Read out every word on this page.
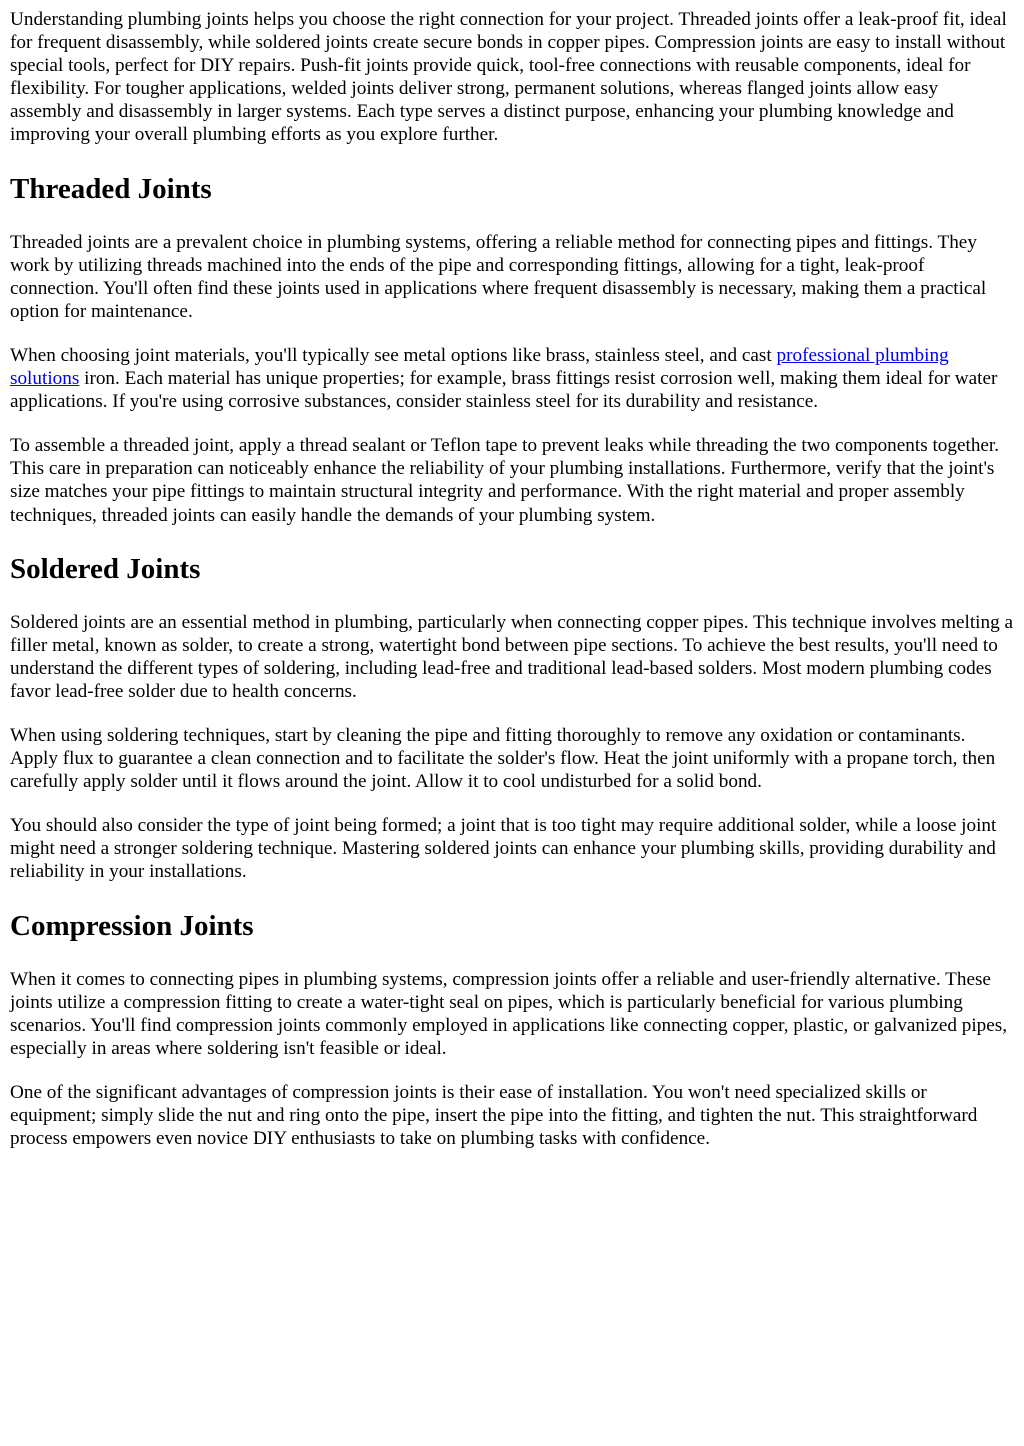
Understanding plumbing joints helps you choose the right connection for your project. Threaded joints offer a leak-proof fit, ideal for frequent disassembly, while soldered joints create secure bonds in copper pipes. Compression joints are easy to install without special tools, perfect for DIY repairs. Push-fit joints provide quick, tool-free connections with reusable components, ideal for flexibility. For tougher applications, welded joints deliver strong, permanent solutions, whereas flanged joints allow easy assembly and disassembly in larger systems. Each type serves a distinct purpose, enhancing your plumbing knowledge and improving your overall plumbing efforts as you explore further.

Threaded Joints

Threaded joints are a prevalent choice in plumbing systems, offering a reliable method for connecting pipes and fittings. They work by utilizing threads machined into the ends of the pipe and corresponding fittings, allowing for a tight, leak-proof connection. You'll often find these joints used in applications where frequent disassembly is necessary, making them a practical option for maintenance.

When choosing joint materials, you'll typically see metal options like brass, stainless steel, and cast professional plumbing solutions iron. Each material has unique properties; for example, brass fittings resist corrosion well, making them ideal for water applications. If you're using corrosive substances, consider stainless steel for its durability and resistance.

To assemble a threaded joint, apply a thread sealant or Teflon tape to prevent leaks while threading the two components together. This care in preparation can noticeably enhance the reliability of your plumbing installations. Furthermore, verify that the joint's size matches your pipe fittings to maintain structural integrity and performance. With the right material and proper assembly techniques, threaded joints can easily handle the demands of your plumbing system.

Soldered Joints

Soldered joints are an essential method in plumbing, particularly when connecting copper pipes. This technique involves melting a filler metal, known as solder, to create a strong, watertight bond between pipe sections. To achieve the best results, you'll need to understand the different types of soldering, including lead-free and traditional lead-based solders. Most modern plumbing codes favor lead-free solder due to health concerns.

When using soldering techniques, start by cleaning the pipe and fitting thoroughly to remove any oxidation or contaminants. Apply flux to guarantee a clean connection and to facilitate the solder's flow. Heat the joint uniformly with a propane torch, then carefully apply solder until it flows around the joint. Allow it to cool undisturbed for a solid bond.

You should also consider the type of joint being formed; a joint that is too tight may require additional solder, while a loose joint might need a stronger soldering technique. Mastering soldered joints can enhance your plumbing skills, providing durability and reliability in your installations.

Compression Joints

When it comes to connecting pipes in plumbing systems, compression joints offer a reliable and user-friendly alternative. These joints utilize a compression fitting to create a water-tight seal on pipes, which is particularly beneficial for various plumbing scenarios. You'll find compression joints commonly employed in applications like connecting copper, plastic, or galvanized pipes, especially in areas where soldering isn't feasible or ideal.

One of the significant advantages of compression joints is their ease of installation. You won't need specialized skills or equipment; simply slide the nut and ring onto the pipe, insert the pipe into the fitting, and tighten the nut. This straightforward process empowers even novice DIY enthusiasts to take on plumbing tasks with confidence.
